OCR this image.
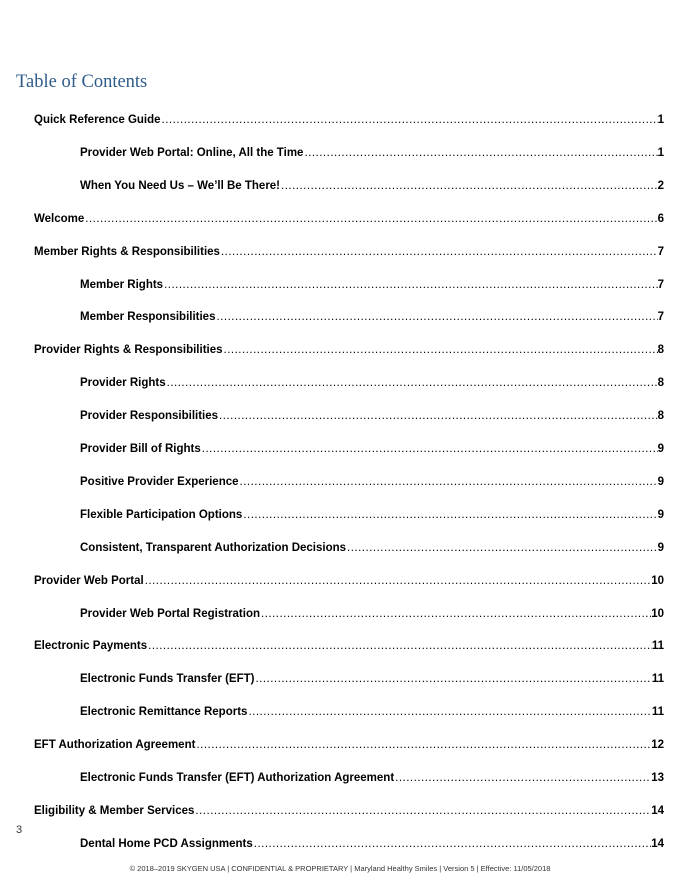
Table of Contents
Quick Reference Guide .....	1
Provider Web Portal: Online, All the Time .....	1
When You Need Us – We’ll Be There! .....	2
Welcome .....	6
Member Rights & Responsibilities .....	7
Member Rights .....	7
Member Responsibilities .....	7
Provider Rights & Responsibilities .....	8
Provider Rights .....	8
Provider Responsibilities .....	8
Provider Bill of Rights .....	9
Positive Provider Experience .....	9
Flexible Participation Options .....	9
Consistent, Transparent Authorization Decisions .....	9
Provider Web Portal .....	10
Provider Web Portal Registration .....	10
Electronic Payments .....	11
Electronic Funds Transfer (EFT) .....	11
Electronic Remittance Reports .....	11
EFT Authorization Agreement .....	12
Electronic Funds Transfer (EFT) Authorization Agreement .....	13
Eligibility & Member Services .....	14
Dental Home PCD Assignments .....	14
3
© 2018–2019 SKYGEN USA | CONFIDENTIAL & PROPRIETARY | Maryland Healthy Smiles | Version 5 | Effective: 11/05/2018
